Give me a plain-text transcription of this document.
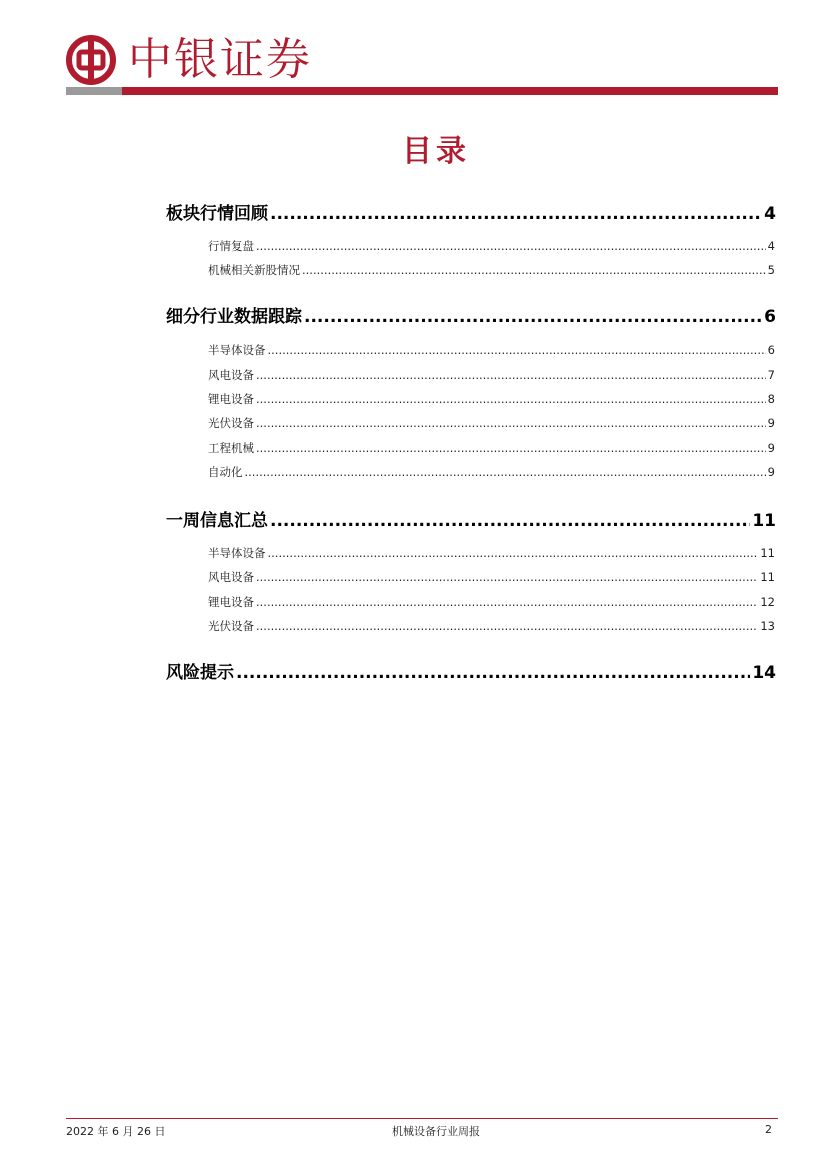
中银证券
目录
板块行情回顾 .....	4
行情复盘 .....	4
机械相关新股情况 .....	5
细分行业数据跟踪 .....	6
半导体设备 .....	6
风电设备 .....	7
锂电设备 .....	8
光伏设备 .....	9
工程机械 .....	9
自动化 .....	9
一周信息汇总 .....	11
半导体设备 .....	11
风电设备 .....	11
锂电设备 .....	12
光伏设备 .....	13
风险提示 .....	14
2022 年 6 月 26 日	机械设备行业周报	2
